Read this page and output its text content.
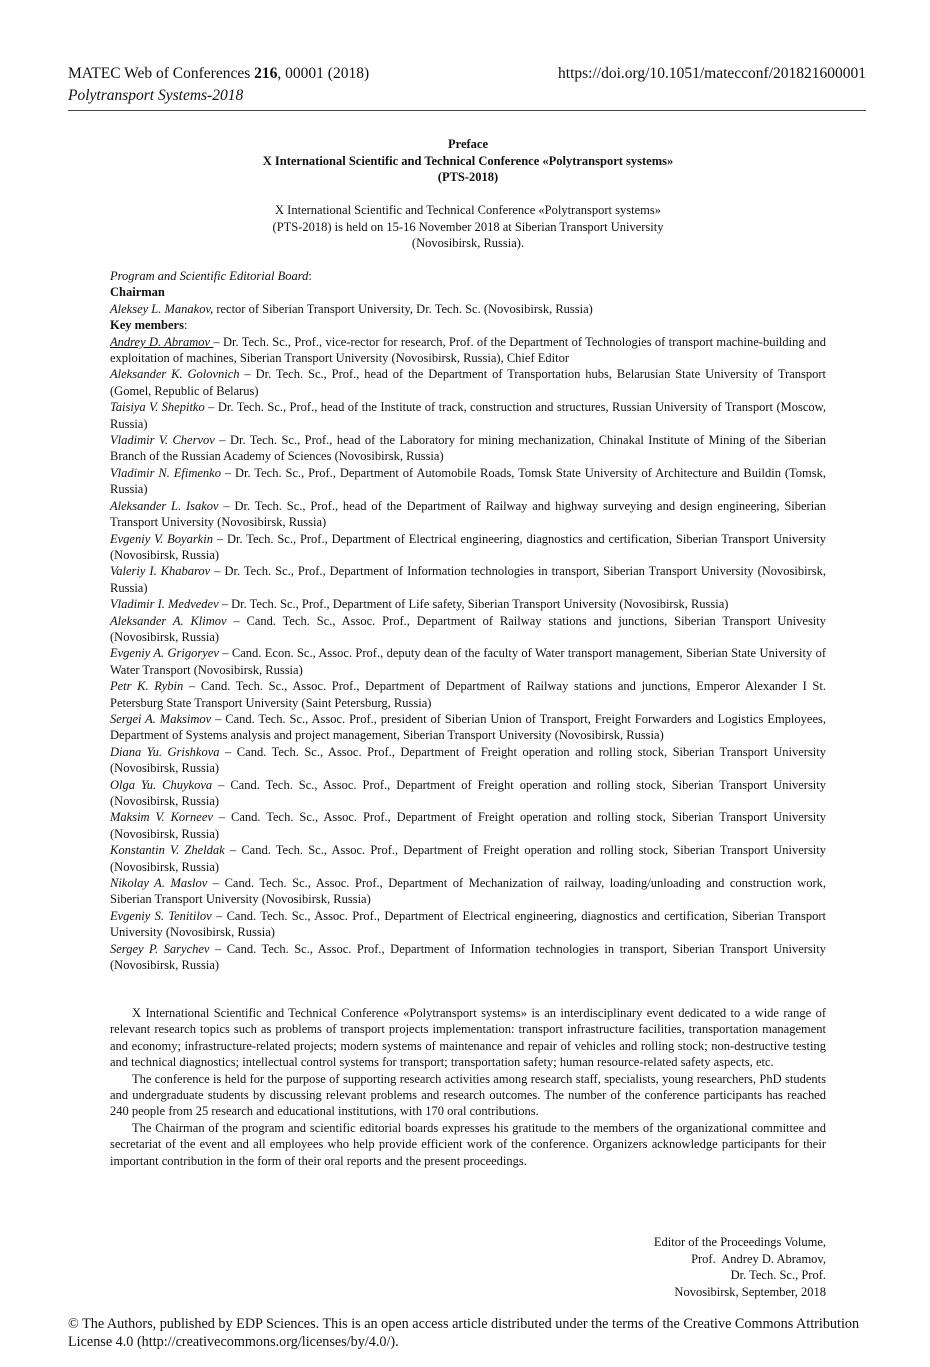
MATEC Web of Conferences 216, 00001 (2018)	https://doi.org/10.1051/matecconf/201821600001
Polytransport Systems-2018
Preface
X International Scientific and Technical Conference «Polytransport systems»
(PTS-2018)
X International Scientific and Technical Conference «Polytransport systems»
(PTS-2018) is held on 15-16 November 2018 at Siberian Transport University
(Novosibirsk, Russia).

Program and Scientific Editorial Board:

Chairman

Aleksey L. Manakov, rector of Siberian Transport University, Dr. Tech. Sc. (Novosibirsk, Russia)

Key members:

Andrey D. Abramov – Dr. Tech. Sc., Prof., vice-rector for research, Prof. of the Department of Technologies of transport machine-building and exploitation of machines, Siberian Transport University (Novosibirsk, Russia), Chief Editor

Aleksander K. Golovnich – Dr. Tech. Sc., Prof., head of the Department of Transportation hubs, Belarusian State University of Transport (Gomel, Republic of Belarus)

Taisiya V. Shepitko – Dr. Tech. Sc., Prof., head of the Institute of track, construction and structures, Russian University of Transport (Moscow, Russia)

Vladimir V. Chervov – Dr. Tech. Sc., Prof., head of the Laboratory for mining mechanization, Chinakal Institute of Mining of the Siberian Branch of the Russian Academy of Sciences (Novosibirsk, Russia)

Vladimir N. Efimenko – Dr. Tech. Sc., Prof., Department of Automobile Roads, Tomsk State University of Architecture and Buildin (Tomsk, Russia)

Aleksander L. Isakov – Dr. Tech. Sc., Prof., head of the Department of Railway and highway surveying and design engineering, Siberian Transport University (Novosibirsk, Russia)

Evgeniy V. Boyarkin – Dr. Tech. Sc., Prof., Department of Electrical engineering, diagnostics and certification, Siberian Transport University (Novosibirsk, Russia)

Valeriy I. Khabarov – Dr. Tech. Sc., Prof., Department of Information technologies in transport, Siberian Transport University (Novosibirsk, Russia)

Vladimir I. Medvedev – Dr. Tech. Sc., Prof., Department of Life safety, Siberian Transport University (Novosibirsk, Russia)

Aleksander A. Klimov – Cand. Tech. Sc., Assoc. Prof., Department of Railway stations and junctions, Siberian Transport Univesity (Novosibirsk, Russia)

Evgeniy A. Grigoryev – Cand. Econ. Sc., Assoc. Prof., deputy dean of the faculty of Water transport management, Siberian State University of Water Transport (Novosibirsk, Russia)

Petr K. Rybin – Cand. Tech. Sc., Assoc. Prof., Department of Department of Railway stations and junctions, Emperor Alexander I St. Petersburg State Transport University (Saint Petersburg, Russia)

Sergei A. Maksimov – Cand. Tech. Sc., Assoc. Prof., president of Siberian Union of Transport, Freight Forwarders and Logistics Employees, Department of Systems analysis and project management, Siberian Transport University (Novosibirsk, Russia)

Diana Yu. Grishkova – Cand. Tech. Sc., Assoc. Prof., Department of Freight operation and rolling stock, Siberian Transport University (Novosibirsk, Russia)

Olga Yu. Chuykova – Cand. Tech. Sc., Assoc. Prof., Department of Freight operation and rolling stock, Siberian Transport University (Novosibirsk, Russia)

Maksim V. Korneev – Cand. Tech. Sc., Assoc. Prof., Department of Freight operation and rolling stock, Siberian Transport University (Novosibirsk, Russia)

Konstantin V. Zheldak – Cand. Tech. Sc., Assoc. Prof., Department of Freight operation and rolling stock, Siberian Transport University (Novosibirsk, Russia)

Nikolay A. Maslov – Cand. Tech. Sc., Assoc. Prof., Department of Mechanization of railway, loading/unloading and construction work, Siberian Transport University (Novosibirsk, Russia)

Evgeniy S. Tenitilov – Cand. Tech. Sc., Assoc. Prof., Department of Electrical engineering, diagnostics and certification, Siberian Transport University (Novosibirsk, Russia)

Sergey P. Sarychev – Cand. Tech. Sc., Assoc. Prof., Department of Information technologies in transport, Siberian Transport University (Novosibirsk, Russia)

X International Scientific and Technical Conference «Polytransport systems» is an interdisciplinary event dedicated to a wide range of relevant research topics such as problems of transport projects implementation: transport infrastructure facilities, transportation management and economy; infrastructure-related projects; modern systems of maintenance and repair of vehicles and rolling stock; non-destructive testing and technical diagnostics; intellectual control systems for transport; transportation safety; human resource-related safety aspects, etc.

The conference is held for the purpose of supporting research activities among research staff, specialists, young researchers, PhD students and undergraduate students by discussing relevant problems and research outcomes. The number of the conference participants has reached 240 people from 25 research and educational institutions, with 170 oral contributions.

The Chairman of the program and scientific editorial boards expresses his gratitude to the members of the organizational committee and secretariat of the event and all employees who help provide efficient work of the conference. Organizers acknowledge participants for their important contribution in the form of their oral reports and the present proceedings.

Editor of the Proceedings Volume,
Prof.  Andrey D. Abramov,
Dr. Tech. Sc., Prof.
Novosibirsk, September, 2018
© The Authors, published by EDP Sciences. This is an open access article distributed under the terms of the Creative Commons Attribution License 4.0 (http://creativecommons.org/licenses/by/4.0/).
